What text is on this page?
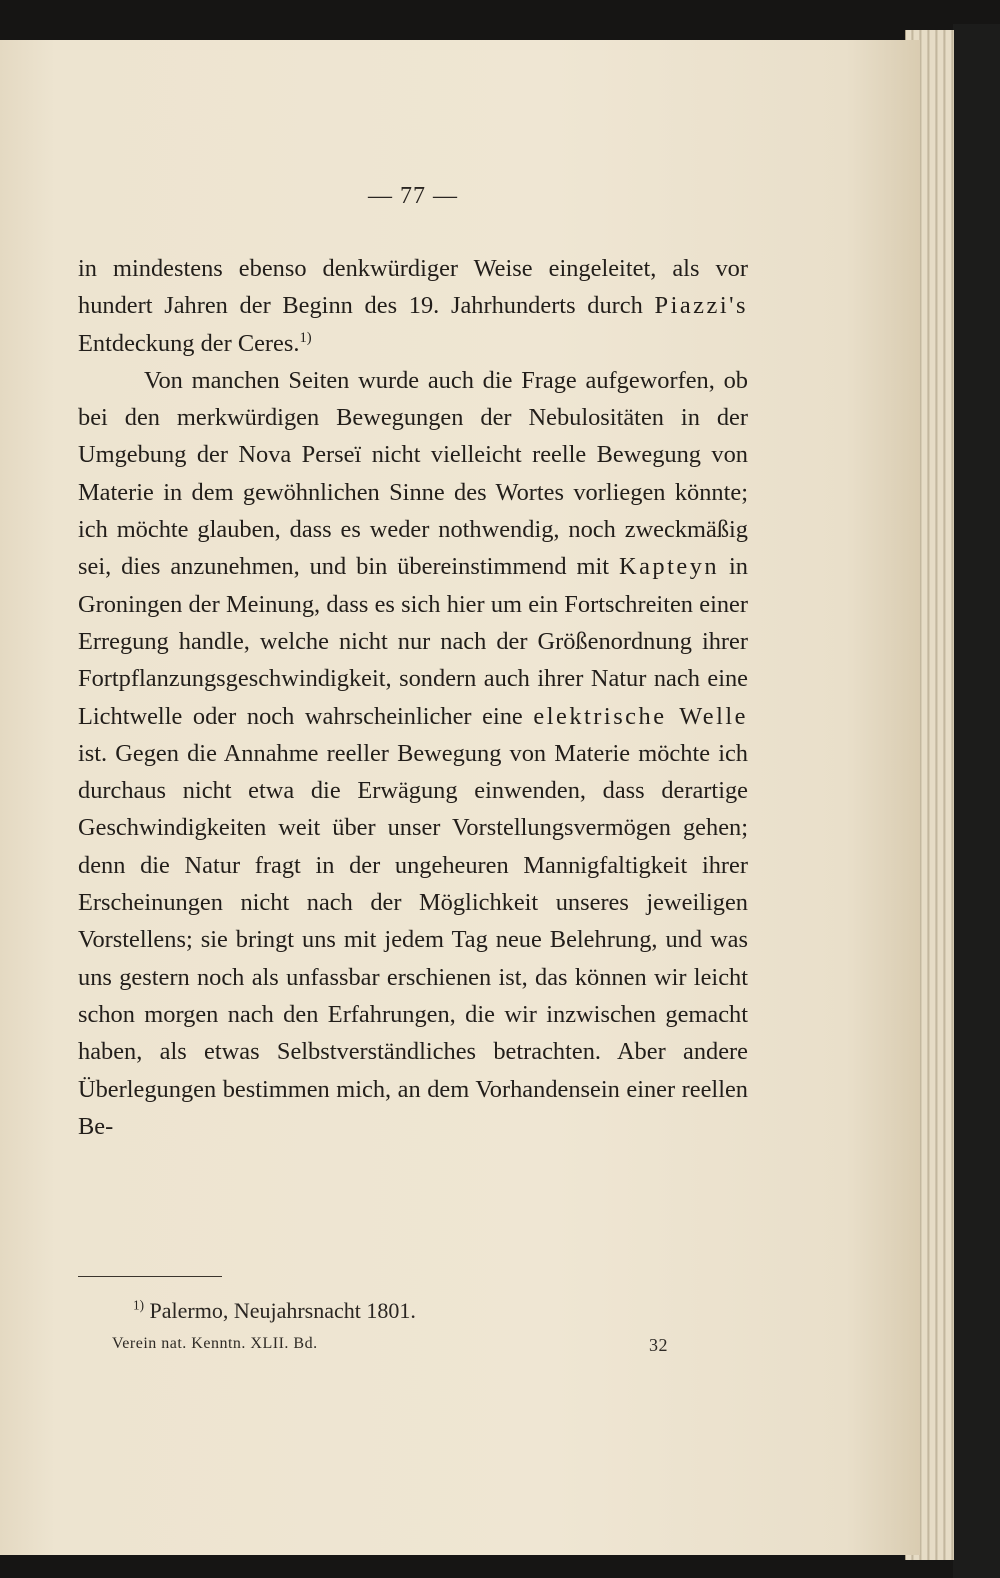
— 77 —

in mindestens ebenso denkwürdiger Weise eingeleitet, als vor hundert Jahren der Beginn des 19. Jahrhunderts durch Piazzi's Entdeckung der Ceres.$^{1)}$

Von manchen Seiten wurde auch die Frage aufgeworfen, ob bei den merkwürdigen Bewegungen der Nebulositäten in der Umgebung der Nova Perseï nicht vielleicht reelle Bewegung von Materie in dem gewöhnlichen Sinne des Wortes vorliegen könnte; ich möchte glauben, dass es weder nothwendig, noch zweckmäßig sei, dies anzunehmen, und bin übereinstimmend mit Kapteyn in Groningen der Meinung, dass es sich hier um ein Fortschreiten einer Erregung handle, welche nicht nur nach der Größenordnung ihrer Fortpflanzungsgeschwindigkeit, sondern auch ihrer Natur nach eine Lichtwelle oder noch wahrscheinlicher eine elektrische Welle ist. Gegen die Annahme reeller Bewegung von Materie möchte ich durchaus nicht etwa die Erwägung einwenden, dass derartige Geschwindigkeiten weit über unser Vorstellungsvermögen gehen; denn die Natur fragt in der ungeheuren Mannigfaltigkeit ihrer Erscheinungen nicht nach der Möglichkeit unseres jeweiligen Vorstellens; sie bringt uns mit jedem Tag neue Belehrung, und was uns gestern noch als unfassbar erschienen ist, das können wir leicht schon morgen nach den Erfahrungen, die wir inzwischen gemacht haben, als etwas Selbstverständliches betrachten. Aber andere Überlegungen bestimmen mich, an dem Vorhandensein einer reellen Be-

$^{1)}$ Palermo, Neujahrsnacht 1801.
Verein nat. Kenntn. XLII. Bd.	32
